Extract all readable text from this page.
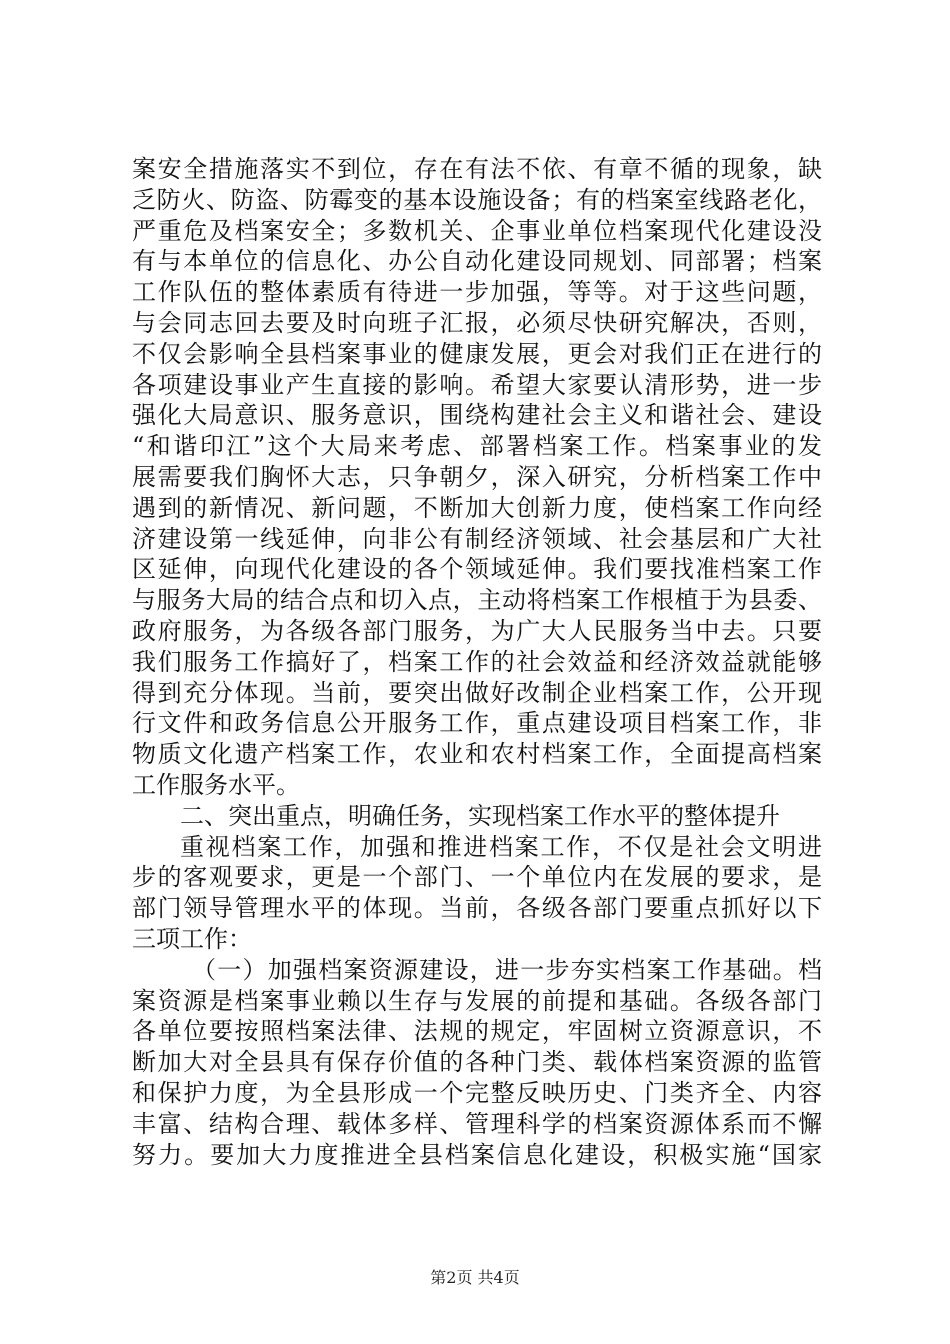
案安全措施落实不到位，存在有法不依、有章不循的现象，缺
乏防火、防盗、防霉变的基本设施设备；有的档案室线路老化，
严重危及档案安全；多数机关、企事业单位档案现代化建设没
有与本单位的信息化、办公自动化建设同规划、同部署；档案
工作队伍的整体素质有待进一步加强，等等。对于这些问题，
与会同志回去要及时向班子汇报，必须尽快研究解决，否则，
不仅会影响全县档案事业的健康发展，更会对我们正在进行的
各项建设事业产生直接的影响。希望大家要认清形势，进一步
强化大局意识、服务意识，围绕构建社会主义和谐社会、建设
“和谐印江”这个大局来考虑、部署档案工作。档案事业的发
展需要我们胸怀大志，只争朝夕，深入研究，分析档案工作中
遇到的新情况、新问题，不断加大创新力度，使档案工作向经
济建设第一线延伸，向非公有制经济领域、社会基层和广大社
区延伸，向现代化建设的各个领域延伸。我们要找准档案工作
与服务大局的结合点和切入点，主动将档案工作根植于为县委、
政府服务，为各级各部门服务，为广大人民服务当中去。只要
我们服务工作搞好了，档案工作的社会效益和经济效益就能够
得到充分体现。当前，要突出做好改制企业档案工作，公开现
行文件和政务信息公开服务工作，重点建设项目档案工作，非
物质文化遗产档案工作，农业和农村档案工作，全面提高档案
工作服务水平。
二、突出重点，明确任务，实现档案工作水平的整体提升
重视档案工作，加强和推进档案工作，不仅是社会文明进
步的客观要求，更是一个部门、一个单位内在发展的要求，是
部门领导管理水平的体现。当前，各级各部门要重点抓好以下
三项工作：
（一）加强档案资源建设，进一步夯实档案工作基础。档
案资源是档案事业赖以生存与发展的前提和基础。各级各部门
各单位要按照档案法律、法规的规定，牢固树立资源意识，不
断加大对全县具有保存价值的各种门类、载体档案资源的监管
和保护力度，为全县形成一个完整反映历史、门类齐全、内容
丰富、结构合理、载体多样、管理科学的档案资源体系而不懈
努力。要加大力度推进全县档案信息化建设，积极实施“国家
第2页 共4页
